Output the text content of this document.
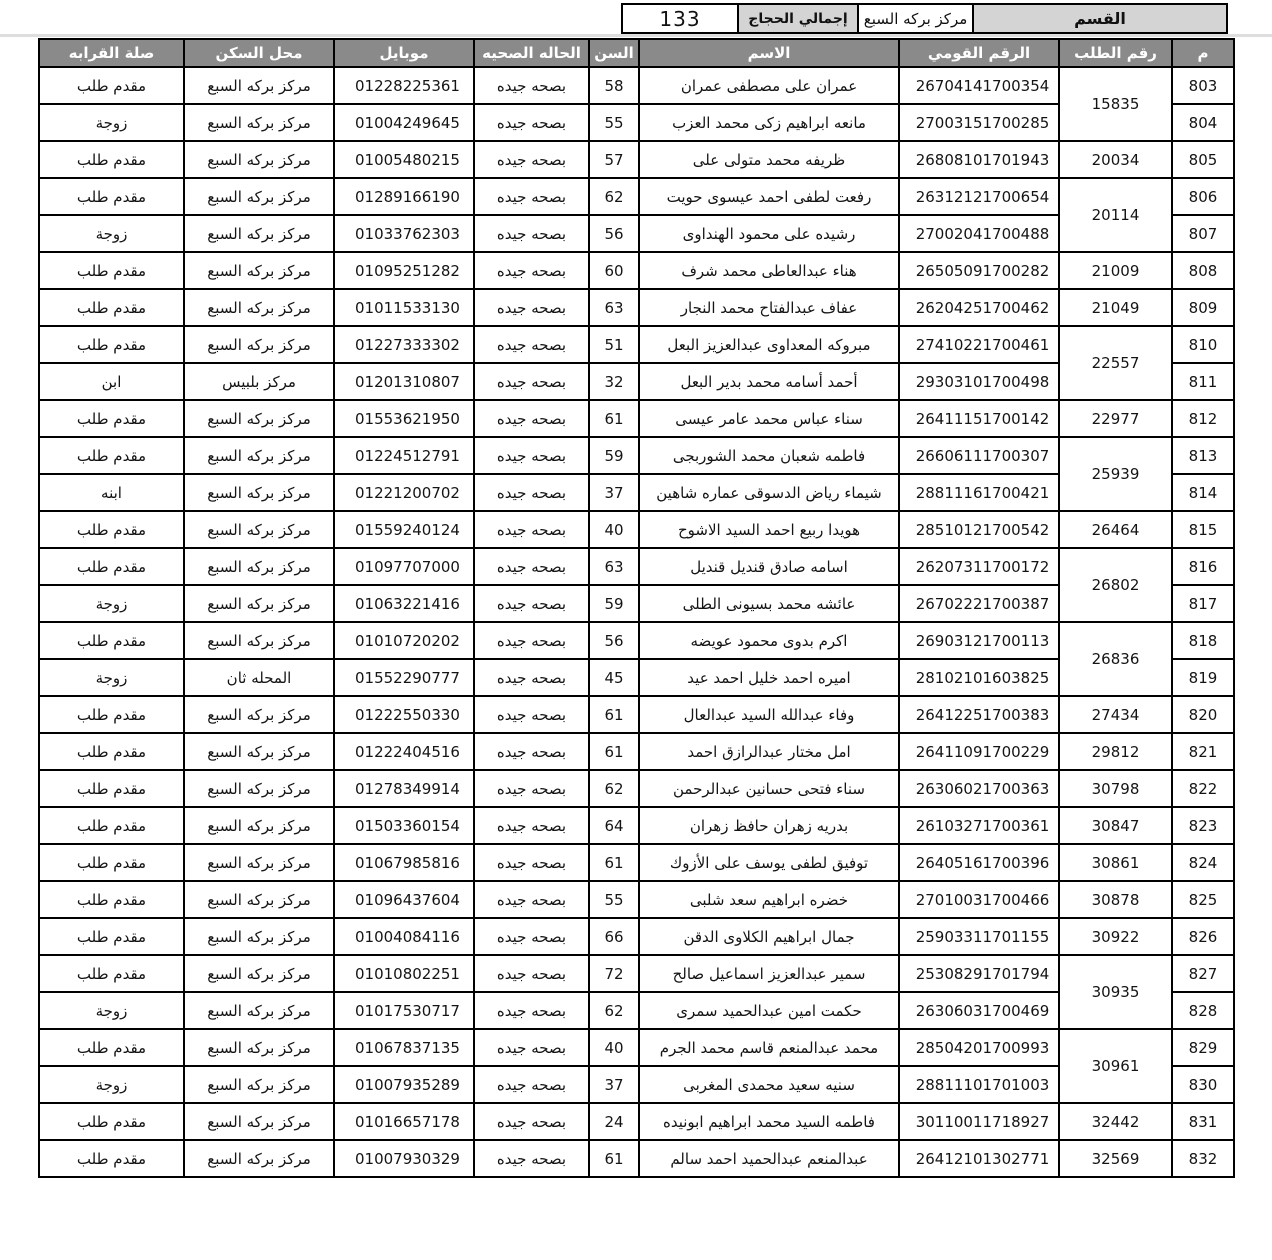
القسم
مركز بركه السبع
إجمالي الحجاج
133
م	رقم الطلب	الرقم القومي	الاسم	السن	الحاله الصحيه	موبايل	محل السكن	صلة القرابه
803	15835	26704141700354	عمران على مصطفى عمران	58	بصحه جيده	01228225361	مركز بركه السبع	مقدم طلب
804		27003151700285	مانعه ابراهيم زكى محمد العزب	55	بصحه جيده	01004249645	مركز بركه السبع	زوجة
805	20034	26808101701943	ظريفه محمد متولى على	57	بصحه جيده	01005480215	مركز بركه السبع	مقدم طلب
806	20114	26312121700654	رفعت لطفى احمد عيسوى حويت	62	بصحه جيده	01289166190	مركز بركه السبع	مقدم طلب
807		27002041700488	رشيده على محمود الهنداوى	56	بصحه جيده	01033762303	مركز بركه السبع	زوجة
808	21009	26505091700282	هناء عبدالعاطى محمد شرف	60	بصحه جيده	01095251282	مركز بركه السبع	مقدم طلب
809	21049	26204251700462	عفاف عبدالفتاح محمد النجار	63	بصحه جيده	01011533130	مركز بركه السبع	مقدم طلب
810	22557	27410221700461	مبروكه المعداوى عبدالعزيز البعل	51	بصحه جيده	01227333302	مركز بركه السبع	مقدم طلب
811		29303101700498	أحمد أسامه محمد بدير البعل	32	بصحه جيده	01201310807	مركز بلبيس	ابن
812	22977	26411151700142	سناء عباس محمد عامر عيسى	61	بصحه جيده	01553621950	مركز بركه السبع	مقدم طلب
813	25939	26606111700307	فاطمه شعبان محمد الشوربجى	59	بصحه جيده	01224512791	مركز بركه السبع	مقدم طلب
814		28811161700421	شيماء رياض الدسوقى عماره شاهين	37	بصحه جيده	01221200702	مركز بركه السبع	ابنه
815	26464	28510121700542	هويدا ربيع احمد السيد الاشوح	40	بصحه جيده	01559240124	مركز بركه السبع	مقدم طلب
816	26802	26207311700172	اسامه صادق قنديل قنديل	63	بصحه جيده	01097707000	مركز بركه السبع	مقدم طلب
817		26702221700387	عائشه محمد بسيونى الطلى	59	بصحه جيده	01063221416	مركز بركه السبع	زوجة
818	26836	26903121700113	اكرم بدوى محمود عويضه	56	بصحه جيده	01010720202	مركز بركه السبع	مقدم طلب
819		28102101603825	اميره احمد خليل احمد عيد	45	بصحه جيده	01552290777	المحله ثان	زوجة
820	27434	26412251700383	وفاء عبدالله السيد عبدالعال	61	بصحه جيده	01222550330	مركز بركه السبع	مقدم طلب
821	29812	26411091700229	امل مختار عبدالرازق احمد	61	بصحه جيده	01222404516	مركز بركه السبع	مقدم طلب
822	30798	26306021700363	سناء فتحى حسانين عبدالرحمن	62	بصحه جيده	01278349914	مركز بركه السبع	مقدم طلب
823	30847	26103271700361	بدريه زهران حافظ زهران	64	بصحه جيده	01503360154	مركز بركه السبع	مقدم طلب
824	30861	26405161700396	توفيق لطفى يوسف على الأزوك	61	بصحه جيده	01067985816	مركز بركه السبع	مقدم طلب
825	30878	27010031700466	خضره ابراهيم سعد شلبى	55	بصحه جيده	01096437604	مركز بركه السبع	مقدم طلب
826	30922	25903311701155	جمال ابراهيم الكلاوى الدقن	66	بصحه جيده	01004084116	مركز بركه السبع	مقدم طلب
827	30935	25308291701794	سمير عبدالعزيز اسماعيل صالح	72	بصحه جيده	01010802251	مركز بركه السبع	مقدم طلب
828		26306031700469	حكمت امين عبدالحميد سمرى	62	بصحه جيده	01017530717	مركز بركه السبع	زوجة
829	30961	28504201700993	محمد عبدالمنعم قاسم محمد الجرم	40	بصحه جيده	01067837135	مركز بركه السبع	مقدم طلب
830		28811101701003	سنيه سعيد محمدى المغربى	37	بصحه جيده	01007935289	مركز بركه السبع	زوجة
831	32442	30110011718927	فاطمه السيد محمد ابراهيم ابونيده	24	بصحه جيده	01016657178	مركز بركه السبع	مقدم طلب
832	32569	26412101302771	عبدالمنعم عبدالحميد احمد سالم	61	بصحه جيده	01007930329	مركز بركه السبع	مقدم طلب
